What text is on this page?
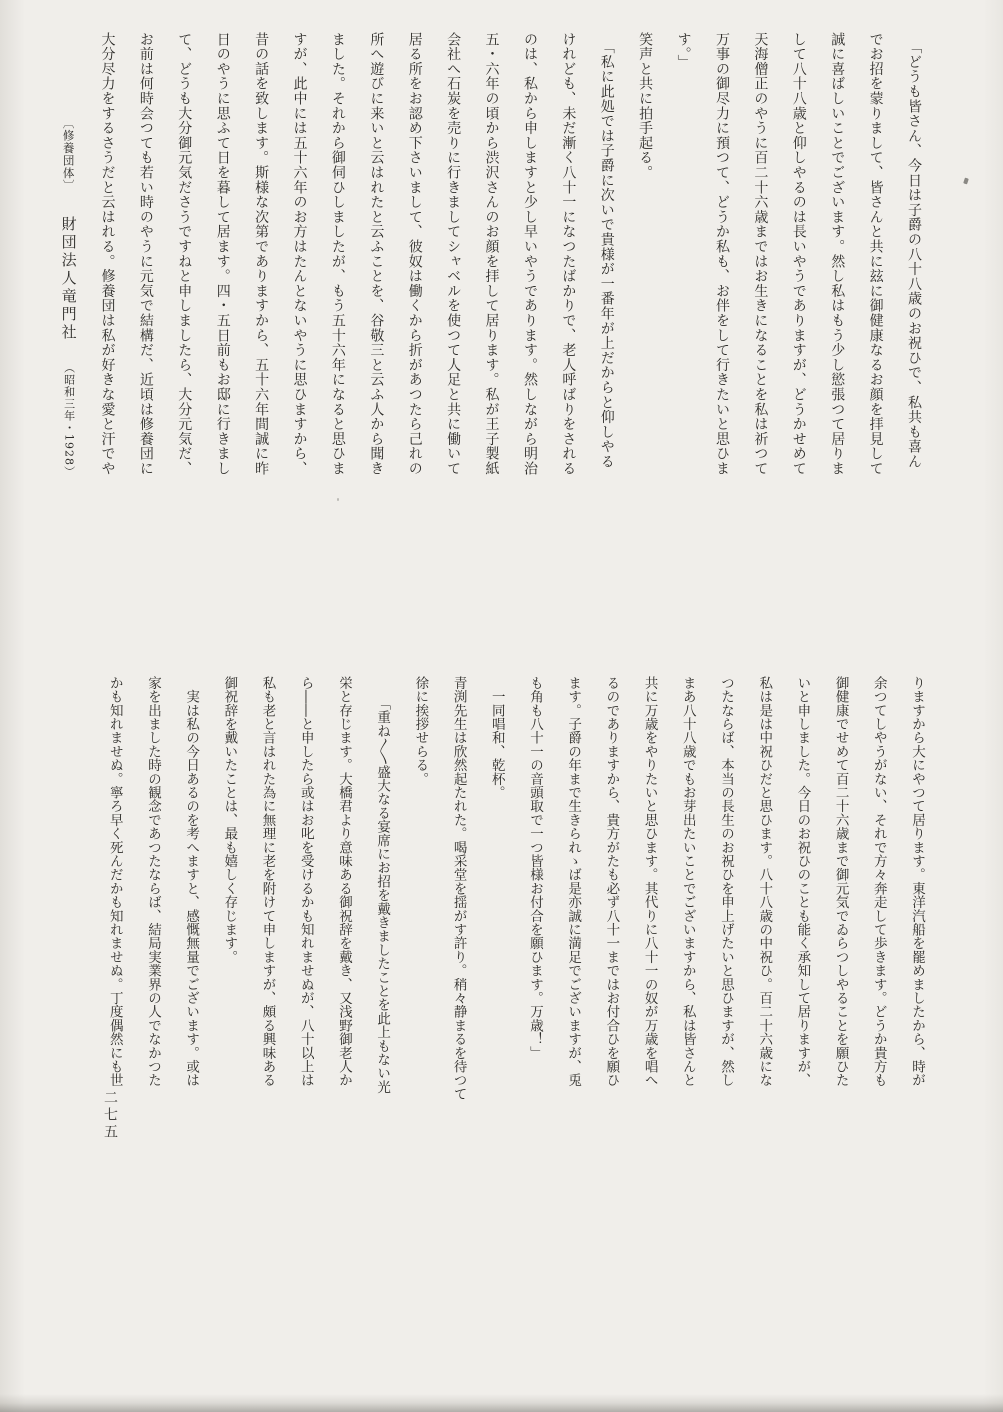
　「どうも皆さん、今日は子爵の八十八歳のお祝ひで、私共も喜ん
でお招を蒙りまして、皆さんと共に玆に御健康なるお顔を拝見して
誠に喜ばしいことでございます。然し私はもう少し慾張つて居りま
して八十八歳と仰しやるのは長いやうでありますが、どうかせめて
天海僧正のやうに百二十六歳まではお生きになることを私は祈つて
万事の御尽力に預つて、どうか私も、お伴をして行きたいと思ひま
す。」
笑声と共に拍手起る。
　「私に此処では子爵に次いで貴様が一番年が上だからと仰しやる
けれども、未だ漸く八十一になつたばかりで、老人呼ばりをされる
のは、私から申しますと少し早いやうであります。然しながら明治
五・六年の頃から渋沢さんのお顔を拝して居ります。私が王子製紙
会社へ石炭を売りに行きましてシャベルを使つて人足と共に働いて
居る所をお認め下さいまして、彼奴は働くから折があつたら己れの
所へ遊びに来いと云はれたと云ふことを、谷敬三と云ふ人から聞き
ました。それから御伺ひしましたが、もう五十六年になると思ひま
すが、此中には五十六年のお方はたんとないやうに思ひますから、
昔の話を致します。斯様な次第でありますから、五十六年間誠に昨
日のやうに思ふて日を暮して居ます。四・五日前もお邸に行きまし
て、どうも大分御元気ださうですねと申しましたら、大分元気だ、
お前は何時会つても若い時のやうに元気で結構だ、近頃は修養団に
大分尽力をするさうだと云はれる。修養団は私が好きな愛と汗でや
〔修養団体〕財団法人竜門社（昭和三年・1928）
りますから大にやつて居ります。東洋汽船を罷めましたから、時が
余つてしやうがない、それで方々奔走して歩きます。どうか貴方も
御健康でせめて百二十六歳まで御元気でゐらつしやることを願ひた
いと申しました。今日のお祝ひのことも能く承知して居りますが、
私は是は中祝ひだと思ひます。八十八歳の中祝ひ。百二十六歳にな
つたならば、本当の長生のお祝ひを申上げたいと思ひますが、然し
まあ八十八歳でもお芽出たいことでございますから、私は皆さんと
共に万歳をやりたいと思ひます。其代りに八十一の奴が万歳を唱へ
るのでありますから、貴方がたも必ず八十一まではお付合ひを願ひ
ます。子爵の年まで生きられゝば是亦誠に満足でございますが、兎
も角も八十一の音頭取で一つ皆様お付合を願ひます。万歳！」
　一同唱和、乾杯。
青渕先生は欣然起たれた。喝采堂を揺がす許り。稍々静まるを待つて
徐に挨拶せらる。
　　「重ね〱盛大なる宴席にお招を戴きましたことを此上もない光
栄と存じます。大橋君より意味ある御祝辞を戴き、又浅野御老人か
ら――と申したら或はお叱を受けるかも知れませぬが、八十以上は
私も老と言はれた為に無理に老を附けて申しますが、頗る興味ある
御祝辞を戴いたことは、最も嬉しく存じます。
　実は私の今日あるのを考へますと、感慨無量でございます。或は
家を出ました時の観念であつたならば、結局実業界の人でなかつた
かも知れませぬ。寧ろ早く死んだかも知れませぬ。丁度偶然にも世
二七五
